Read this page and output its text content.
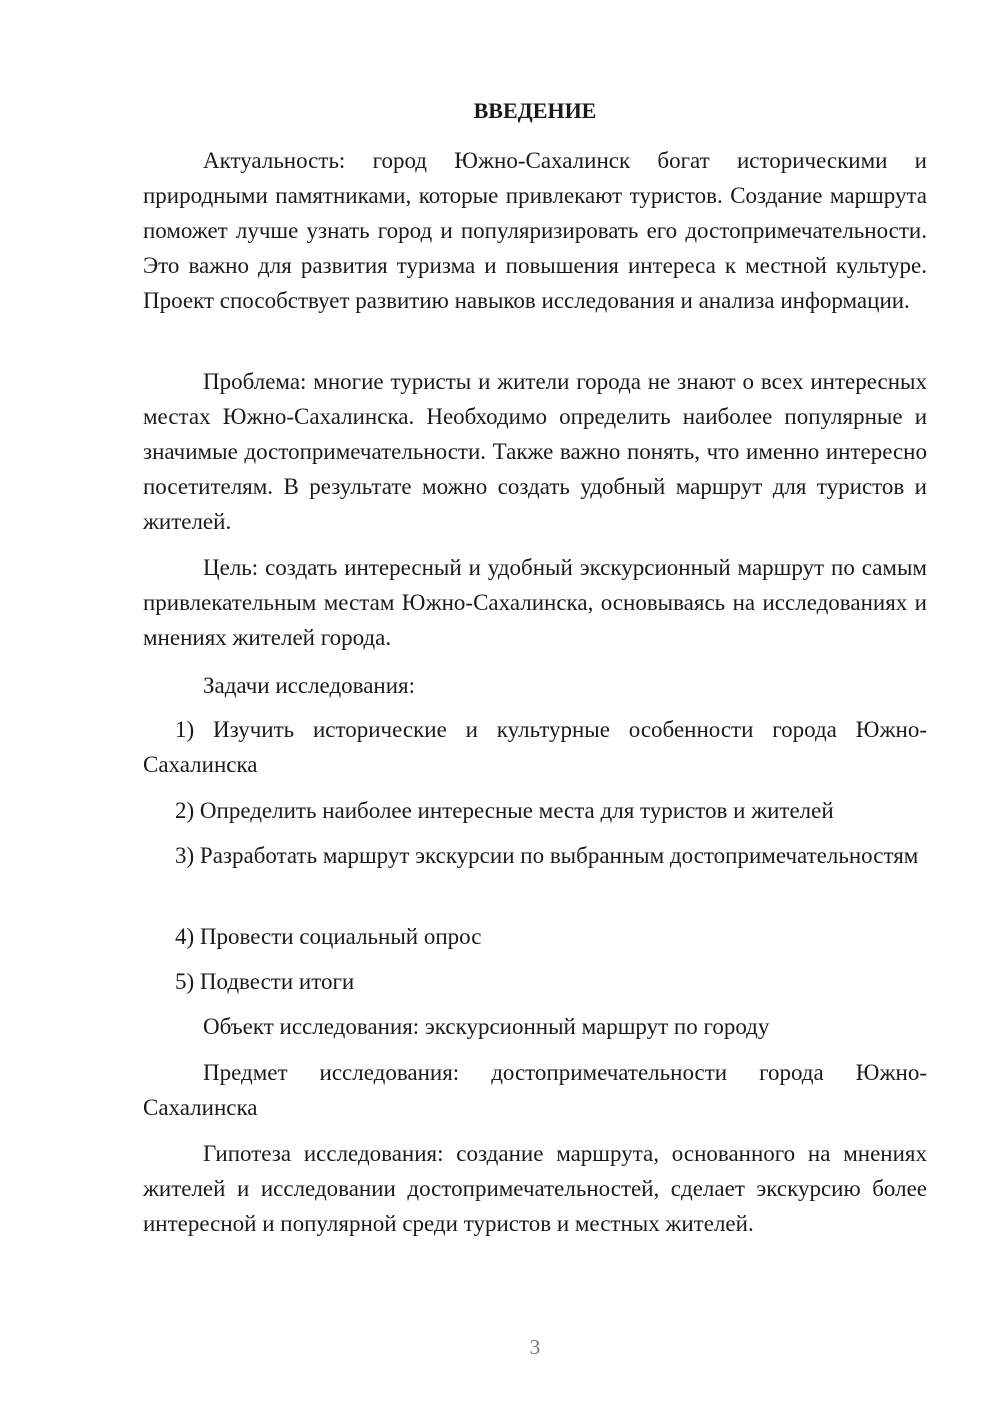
ВВЕДЕНИЕ

Актуальность: город Южно-Сахалинск богат историческими и природными памятниками, которые привлекают туристов. Создание маршрута поможет лучше узнать город и популяризировать его достопримечательности. Это важно для развития туризма и повышения интереса к местной культуре. Проект способствует развитию навыков исследования и анализа информации.

Проблема: многие туристы и жители города не знают о всех интересных местах Южно-Сахалинска. Необходимо определить наиболее популярные и значимые достопримечательности. Также важно понять, что именно интересно посетителям. В результате можно создать удобный маршрут для туристов и жителей.

Цель: создать интересный и удобный экскурсионный маршрут по самым привлекательным местам Южно-Сахалинска, основываясь на исследованиях и мнениях жителей города.

Задачи исследования:

1) Изучить исторические и культурные особенности города Южно-Сахалинска

2) Определить наиболее интересные места для туристов и жителей

3) Разработать маршрут экскурсии по выбранным достопримечательностям

4) Провести социальный опрос

5) Подвести итоги

Объект исследования: экскурсионный маршрут по городу

Предмет исследования: достопримечательности города Южно-Сахалинска

Гипотеза исследования: создание маршрута, основанного на мнениях жителей и исследовании достопримечательностей, сделает экскурсию более интересной и популярной среди туристов и местных жителей.

3
